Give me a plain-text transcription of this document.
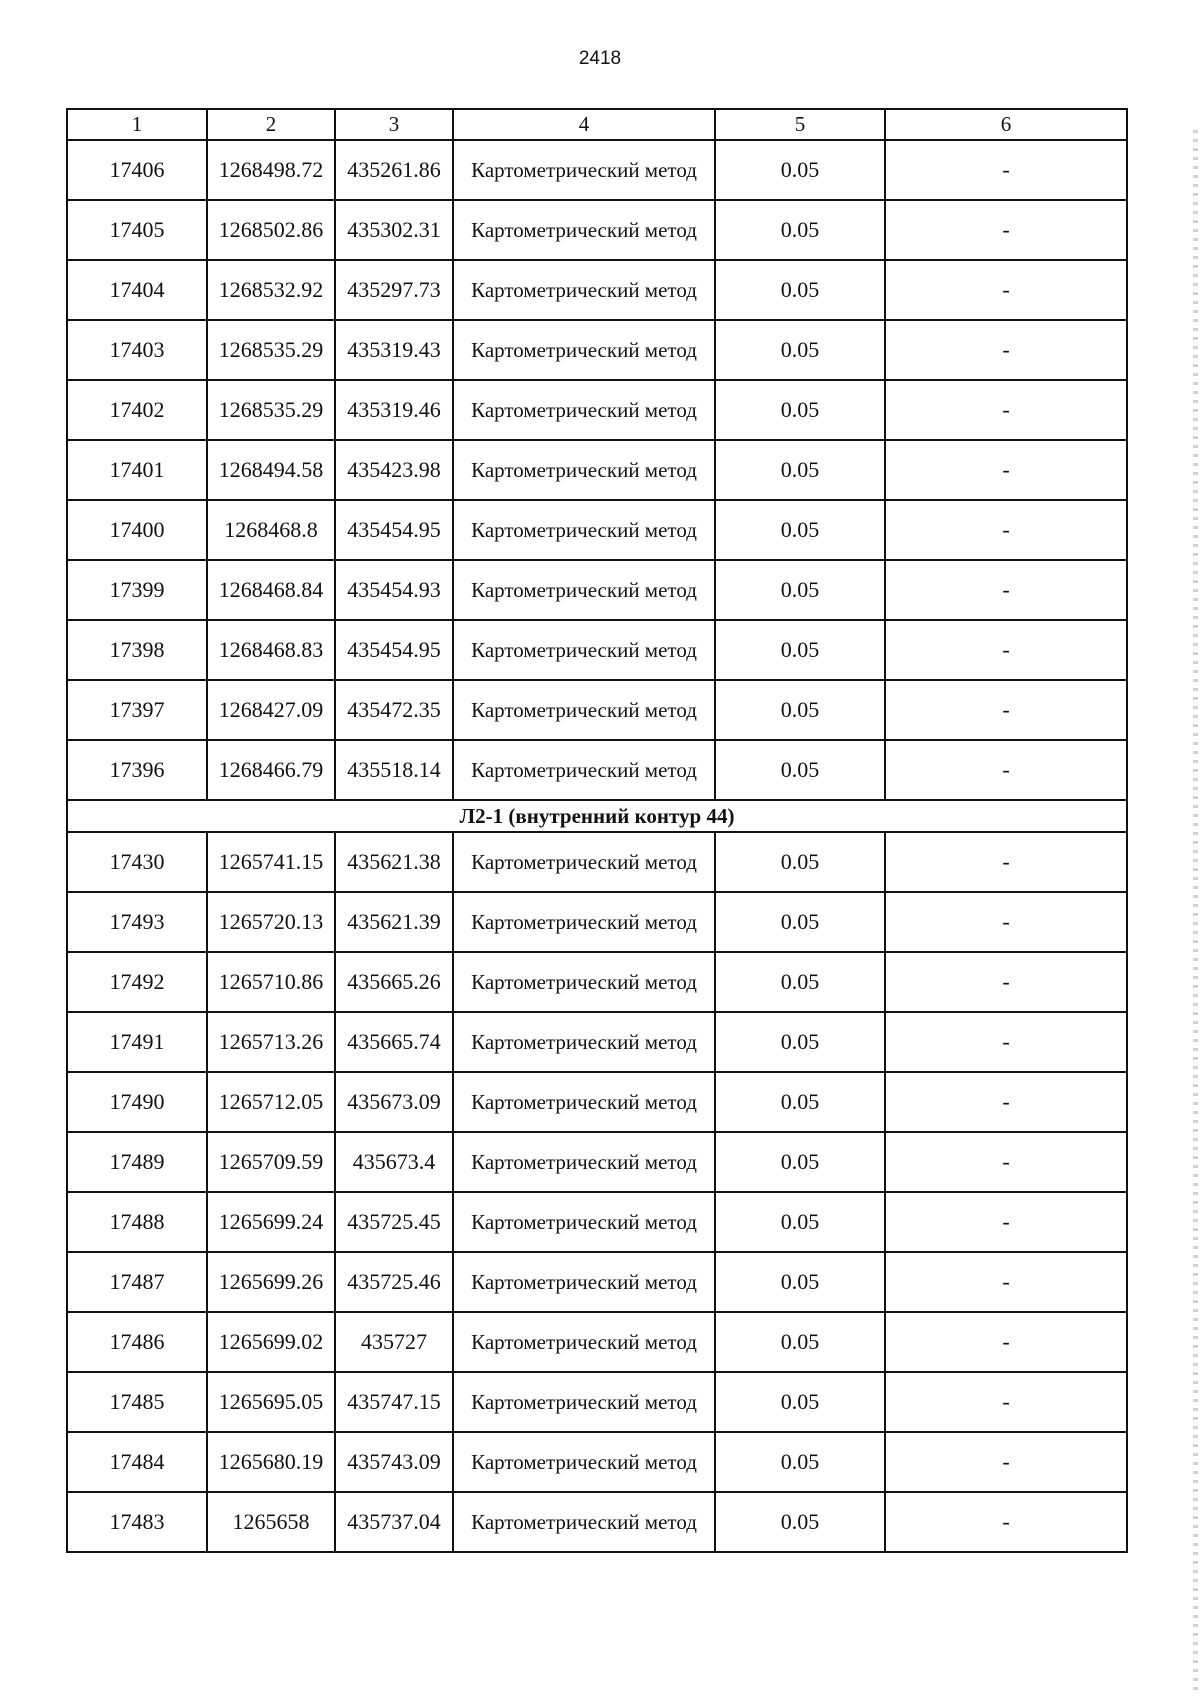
2418
1	2	3	4	5	6
17406	1268498.72	435261.86	Картометрический метод	0.05	-
17405	1268502.86	435302.31	Картометрический метод	0.05	-
17404	1268532.92	435297.73	Картометрический метод	0.05	-
17403	1268535.29	435319.43	Картометрический метод	0.05	-
17402	1268535.29	435319.46	Картометрический метод	0.05	-
17401	1268494.58	435423.98	Картометрический метод	0.05	-
17400	1268468.8	435454.95	Картометрический метод	0.05	-
17399	1268468.84	435454.93	Картометрический метод	0.05	-
17398	1268468.83	435454.95	Картометрический метод	0.05	-
17397	1268427.09	435472.35	Картометрический метод	0.05	-
17396	1268466.79	435518.14	Картометрический метод	0.05	-
Л2-1 (внутренний контур 44)					
17430	1265741.15	435621.38	Картометрический метод	0.05	-
17493	1265720.13	435621.39	Картометрический метод	0.05	-
17492	1265710.86	435665.26	Картометрический метод	0.05	-
17491	1265713.26	435665.74	Картометрический метод	0.05	-
17490	1265712.05	435673.09	Картометрический метод	0.05	-
17489	1265709.59	435673.4	Картометрический метод	0.05	-
17488	1265699.24	435725.45	Картометрический метод	0.05	-
17487	1265699.26	435725.46	Картометрический метод	0.05	-
17486	1265699.02	435727	Картометрический метод	0.05	-
17485	1265695.05	435747.15	Картометрический метод	0.05	-
17484	1265680.19	435743.09	Картометрический метод	0.05	-
17483	1265658	435737.04	Картометрический метод	0.05	-
